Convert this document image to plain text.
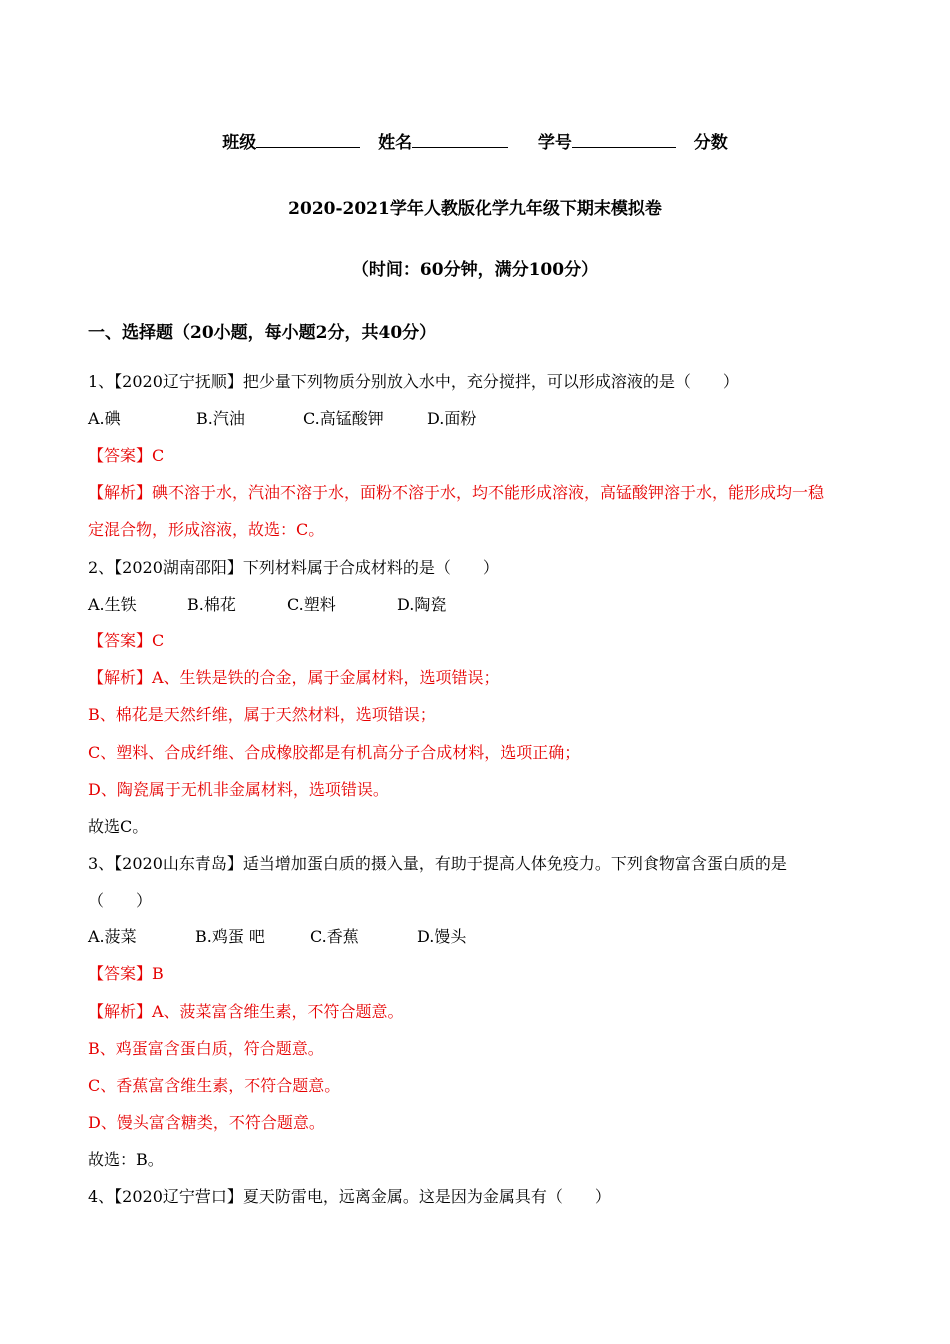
班级	姓名	学号	分数
2020-2021学年人教版化学九年级下期末模拟卷
（时间：60分钟，满分100分）
一、选择题（20小题，每小题2分，共40分）
1、【2020辽宁抚顺】把少量下列物质分别放入水中，充分搅拌，可以形成溶液的是（　　）
A.碘	B.汽油	C.高锰酸钾	D.面粉
【答案】C
【解析】碘不溶于水，汽油不溶于水，面粉不溶于水，均不能形成溶液，高锰酸钾溶于水，能形成均一稳
定混合物，形成溶液，故选：C。
2、【2020湖南邵阳】下列材料属于合成材料的是（　　）
A.生铁	B.棉花	C.塑料	D.陶瓷
【答案】C
【解析】A、生铁是铁的合金，属于金属材料，选项错误；
B、棉花是天然纤维，属于天然材料，选项错误；
C、塑料、合成纤维、合成橡胶都是有机高分子合成材料，选项正确；
D、陶瓷属于无机非金属材料，选项错误。
故选C。
3、【2020山东青岛】适当增加蛋白质的摄入量，有助于提高人体免疫力。下列食物富含蛋白质的是
（　　）
A.菠菜	B.鸡蛋 吧	C.香蕉	D.馒头
【答案】B
【解析】A、菠菜富含维生素，不符合题意。
B、鸡蛋富含蛋白质，符合题意。
C、香蕉富含维生素，不符合题意。
D、馒头富含糖类，不符合题意。
故选：B。
4、【2020辽宁营口】夏天防雷电，远离金属。这是因为金属具有（　　）
